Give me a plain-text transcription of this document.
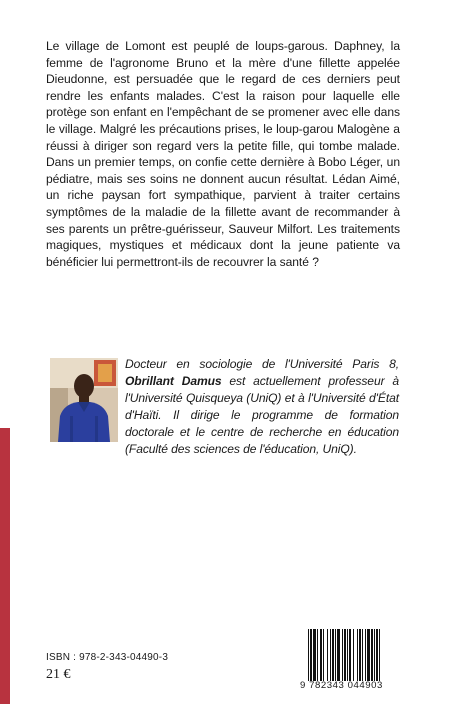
Le village de Lomont est peuplé de loups-garous. Daphney, la femme de l'agronome Bruno et la mère d'une fillette appelée Dieudonne, est persuadée que le regard de ces derniers peut rendre les enfants malades. C'est la raison pour laquelle elle protège son enfant en l'empêchant de se promener avec elle dans le village. Malgré les précautions prises, le loup-garou Malogène a réussi à diriger son regard vers la petite fille, qui tombe malade. Dans un premier temps, on confie cette dernière à Bobo Léger, un pédiatre, mais ses soins ne donnent aucun résultat. Lédan Aimé, un riche paysan fort sympathique, parvient à traiter certains symptômes de la maladie de la fillette avant de recommander à ses parents un prêtre-guérisseur, Sauveur Milfort. Les traitements magiques, mystiques et médicaux dont la jeune patiente va bénéficier lui permettront-ils de recouvrer la santé ?

Docteur en sociologie de l'Université Paris 8, Obrillant Damus est actuellement professeur à l'Université Quisqueya (UniQ) et à l'Université d'État d'Haïti. Il dirige le programme de formation doctorale et le centre de recherche en éducation (Faculté des sciences de l'éducation, UniQ).

ISBN : 978-2-343-04490-3
21 €
9 782343 044903
